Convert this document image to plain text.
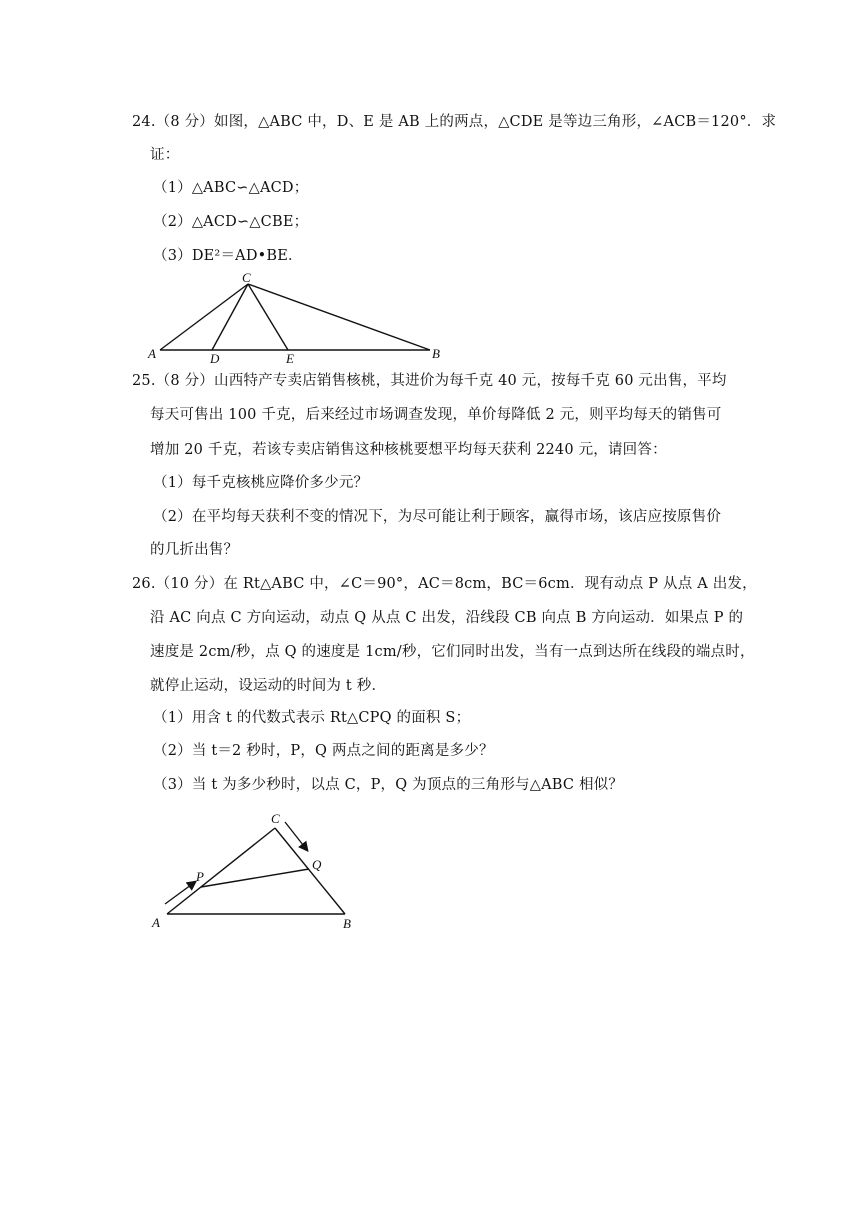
24.（8 分）如图，△ABC 中，D、E 是 AB 上的两点，△CDE 是等边三角形，∠ACB＝120°．求
证：
（1）△ABC∽△ACD；
（2）△ACD∽△CBE；
（3）DE²＝AD•BE．
C
A	D	E	B
25.（8 分）山西特产专卖店销售核桃，其进价为每千克 40 元，按每千克 60 元出售，平均
每天可售出 100 千克，后来经过市场调查发现，单价每降低 2 元，则平均每天的销售可
增加 20 千克，若该专卖店销售这种核桃要想平均每天获利 2240 元，请回答：
（1）每千克核桃应降价多少元？
（2）在平均每天获利不变的情况下，为尽可能让利于顾客，赢得市场，该店应按原售价
的几折出售？
26.（10 分）在 Rt△ABC 中，∠C＝90°，AC＝8cm，BC＝6cm．现有动点 P 从点 A 出发，
沿 AC 向点 C 方向运动，动点 Q 从点 C 出发，沿线段 CB 向点 B 方向运动．如果点 P 的
速度是 2cm/秒，点 Q 的速度是 1cm/秒，它们同时出发，当有一点到达所在线段的端点时，
就停止运动，设运动的时间为 t 秒．
（1）用含 t 的代数式表示 Rt△CPQ 的面积 S；
（2）当 t＝2 秒时，P，Q 两点之间的距离是多少？
（3）当 t 为多少秒时，以点 C，P，Q 为顶点的三角形与△ABC 相似？
C
P
Q
A	B
